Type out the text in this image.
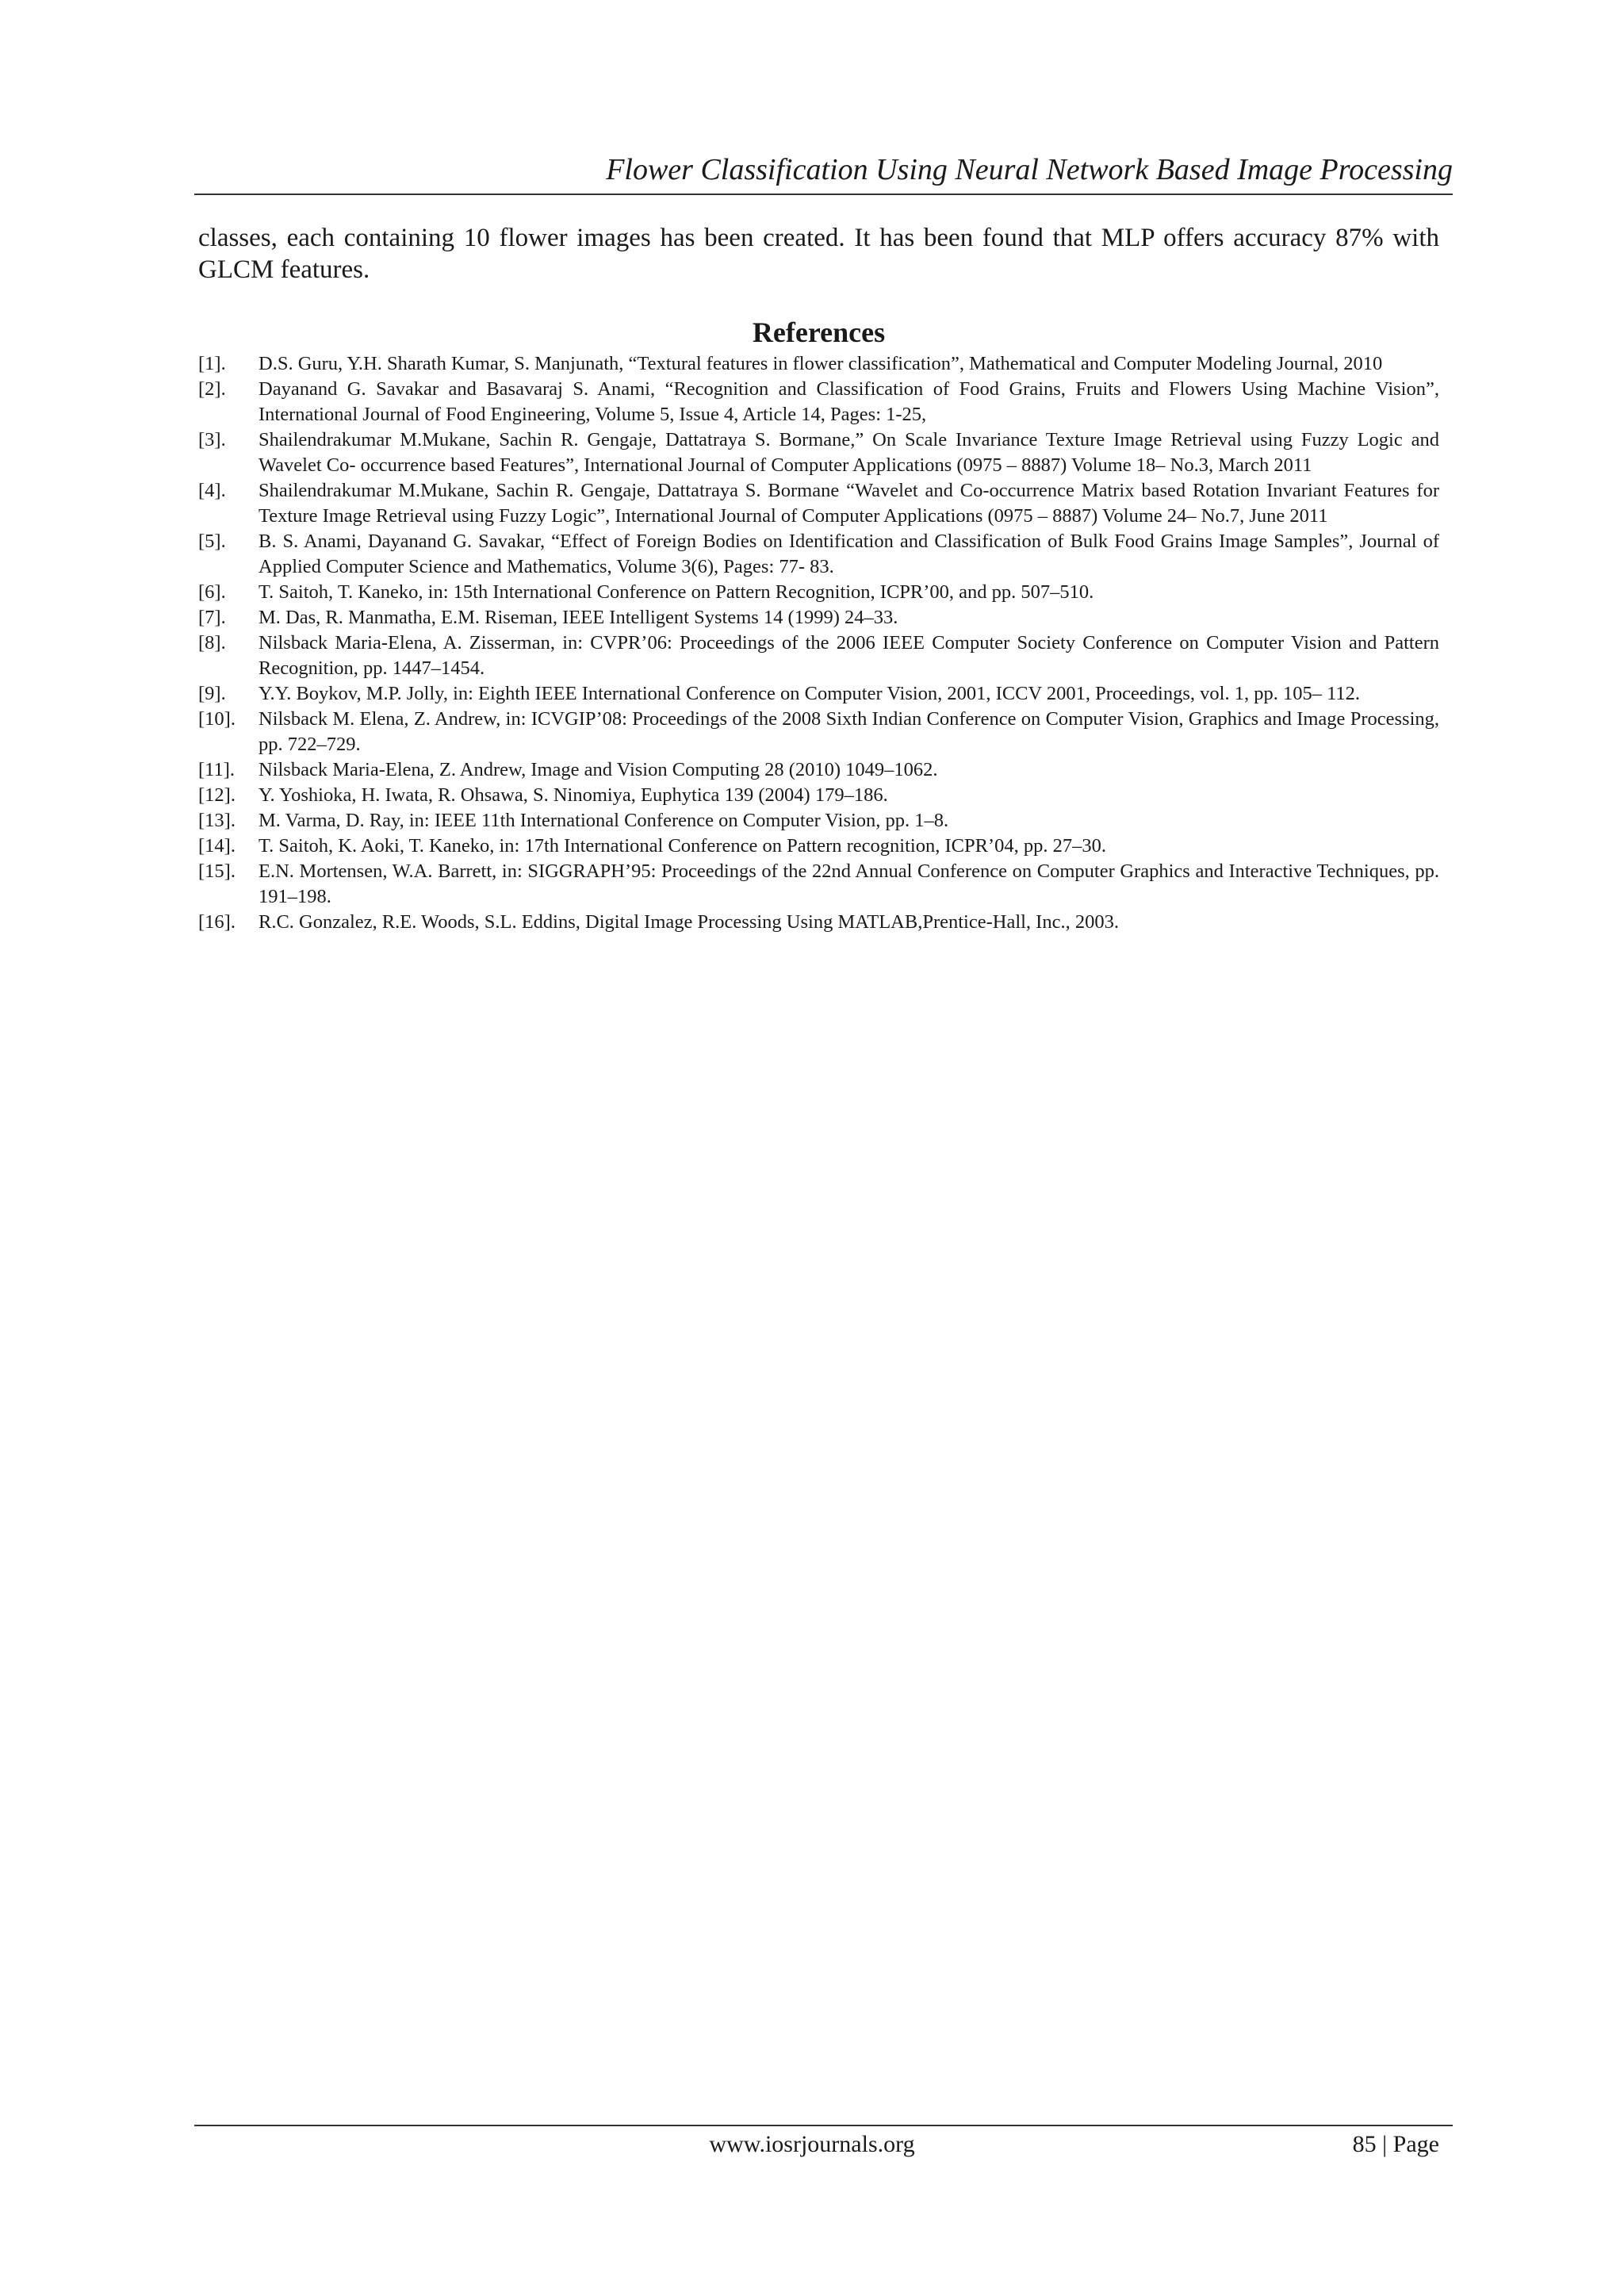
Flower Classification Using Neural Network Based Image Processing
classes, each containing 10 flower images has been created. It has been found that MLP offers accuracy 87% with GLCM features.
References
[1]. D.S. Guru, Y.H. Sharath Kumar, S. Manjunath, “Textural features in flower classification”, Mathematical and Computer Modeling Journal, 2010
[2]. Dayanand G. Savakar and Basavaraj S. Anami, “Recognition and Classification of Food Grains, Fruits and Flowers Using Machine Vision”, International Journal of Food Engineering, Volume 5, Issue 4, Article 14, Pages: 1-25,
[3]. Shailendrakumar M.Mukane, Sachin R. Gengaje, Dattatraya S. Bormane,” On Scale Invariance Texture Image Retrieval using Fuzzy Logic and Wavelet Co- occurrence based Features”, International Journal of Computer Applications (0975 – 8887) Volume 18– No.3, March 2011
[4]. Shailendrakumar M.Mukane, Sachin R. Gengaje, Dattatraya S. Bormane “Wavelet and Co-occurrence Matrix based Rotation Invariant Features for Texture Image Retrieval using Fuzzy Logic”, International Journal of Computer Applications (0975 – 8887) Volume 24– No.7, June 2011
[5]. B. S. Anami, Dayanand G. Savakar, “Effect of Foreign Bodies on Identification and Classification of Bulk Food Grains Image Samples”, Journal of Applied Computer Science and Mathematics, Volume 3(6), Pages: 77- 83.
[6]. T. Saitoh, T. Kaneko, in: 15th International Conference on Pattern Recognition, ICPR’00, and pp. 507–510.
[7]. M. Das, R. Manmatha, E.M. Riseman, IEEE Intelligent Systems 14 (1999) 24–33.
[8]. Nilsback Maria-Elena, A. Zisserman, in: CVPR’06: Proceedings of the 2006 IEEE Computer Society Conference on Computer Vision and Pattern Recognition, pp. 1447–1454.
[9]. Y.Y. Boykov, M.P. Jolly, in: Eighth IEEE International Conference on Computer Vision, 2001, ICCV 2001, Proceedings, vol. 1, pp. 105– 112.
[10]. Nilsback M. Elena, Z. Andrew, in: ICVGIP’08: Proceedings of the 2008 Sixth Indian Conference on Computer Vision, Graphics and Image Processing, pp. 722–729.
[11]. Nilsback Maria-Elena, Z. Andrew, Image and Vision Computing 28 (2010) 1049–1062.
[12]. Y. Yoshioka, H. Iwata, R. Ohsawa, S. Ninomiya, Euphytica 139 (2004) 179–186.
[13]. M. Varma, D. Ray, in: IEEE 11th International Conference on Computer Vision, pp. 1–8.
[14]. T. Saitoh, K. Aoki, T. Kaneko, in: 17th International Conference on Pattern recognition, ICPR’04, pp. 27–30.
[15]. E.N. Mortensen, W.A. Barrett, in: SIGGRAPH’95: Proceedings of the 22nd Annual Conference on Computer Graphics and Interactive Techniques, pp. 191–198.
[16]. R.C. Gonzalez, R.E. Woods, S.L. Eddins, Digital Image Processing Using MATLAB,Prentice-Hall, Inc., 2003.
www.iosrjournals.org	85 | Page
